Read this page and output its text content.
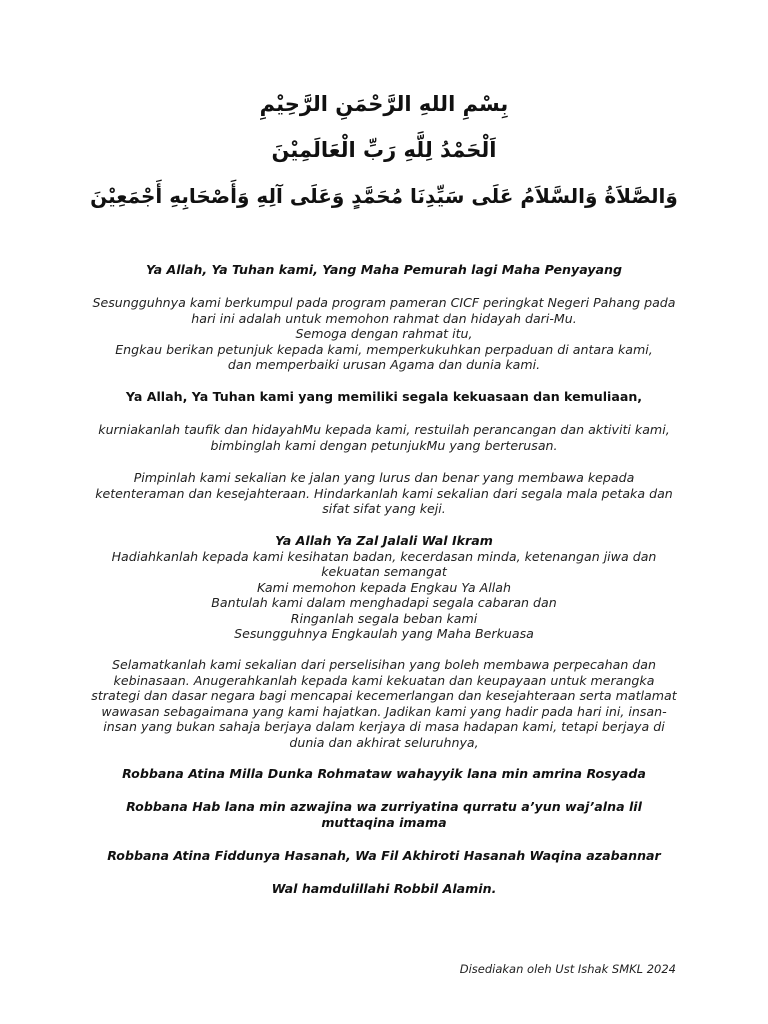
بِسْمِ اللهِ الرَّحْمَنِ الرَّحِيْمِ
اَلْحَمْدُ لِلَّهِ رَبِّ الْعَالَمِيْنَ
وَالصَّلاَةُ وَالسَّلاَمُ عَلَى سَيِّدِنَا مُحَمَّدٍ وَعَلَى آلِهِ وَأَصْحَابِهِ أَجْمَعِيْنَ
Ya Allah, Ya Tuhan kami, Yang Maha Pemurah lagi Maha Penyayang
Sesungguhnya kami berkumpul pada program pameran CICF peringkat Negeri Pahang pada
hari ini adalah untuk memohon rahmat dan hidayah dari-Mu.
Semoga dengan rahmat itu,
Engkau berikan petunjuk kepada kami, memperkukuhkan perpaduan di antara kami,
dan memperbaiki urusan Agama dan dunia kami.
Ya Allah, Ya Tuhan kami yang memiliki segala kekuasaan dan kemuliaan,
kurniakanlah taufik dan hidayahMu kepada kami, restuilah perancangan dan aktiviti kami,
bimbinglah kami dengan petunjukMu yang berterusan.
Pimpinlah kami sekalian ke jalan yang lurus dan benar yang membawa kepada
ketenteraman dan kesejahteraan. Hindarkanlah kami sekalian dari segala mala petaka dan
sifat sifat yang keji.
Ya Allah Ya Zal Jalali Wal Ikram
Hadiahkanlah kepada kami kesihatan badan, kecerdasan minda, ketenangan jiwa dan
kekuatan semangat
Kami memohon kepada Engkau Ya Allah
Bantulah kami dalam menghadapi segala cabaran dan
Ringanlah segala beban kami
Sesungguhnya Engkaulah yang Maha Berkuasa
Selamatkanlah kami sekalian dari perselisihan yang boleh membawa perpecahan dan
kebinasaan. Anugerahkanlah kepada kami kekuatan dan keupayaan untuk merangka
strategi dan dasar negara bagi mencapai kecemerlangan dan kesejahteraan serta matlamat
wawasan sebagaimana yang kami hajatkan. Jadikan kami yang hadir pada hari ini, insan-
insan yang bukan sahaja berjaya dalam kerjaya di masa hadapan kami, tetapi berjaya di
dunia dan akhirat seluruhnya,
Robbana Atina Milla Dunka Rohmataw wahayyik lana min amrina Rosyada
Robbana Hab lana min azwajina wa zurriyatina qurratu a’yun waj’alna lil
muttaqina imama
Robbana Atina Fiddunya Hasanah, Wa Fil Akhiroti Hasanah Waqina azabannar
Wal hamdulillahi Robbil Alamin.
Disediakan oleh Ust Ishak SMKL 2024
